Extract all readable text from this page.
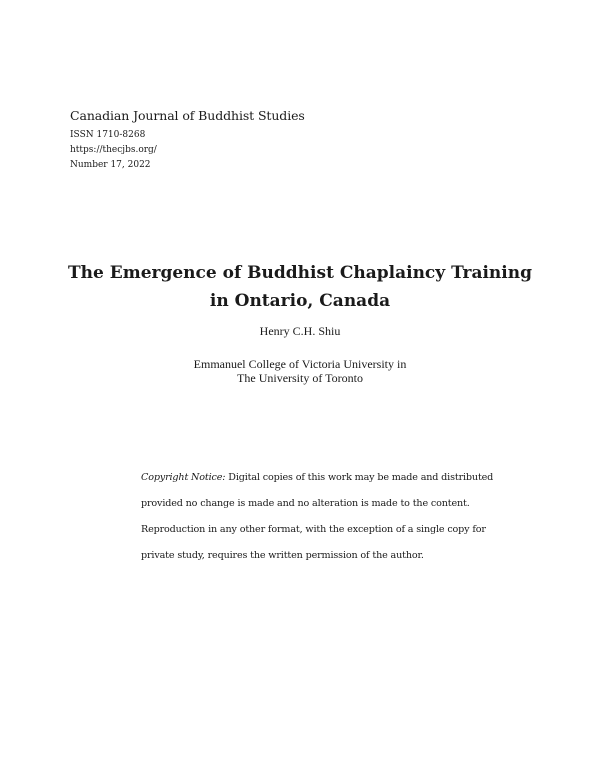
Canadian Journal of Buddhist Studies

ISSN 1710-8268

https://thecjbs.org/

Number 17, 2022

The Emergence of Buddhist Chaplaincy Training

in Ontario, Canada

Henry C.H. Shiu
Emmanuel College of Victoria University in
The University of Toronto
Copyright Notice: Digital copies of this work may be made and distributed
provided no change is made and no alteration is made to the content.
Reproduction in any other format, with the exception of a single copy for
private study, requires the written permission of the author.
